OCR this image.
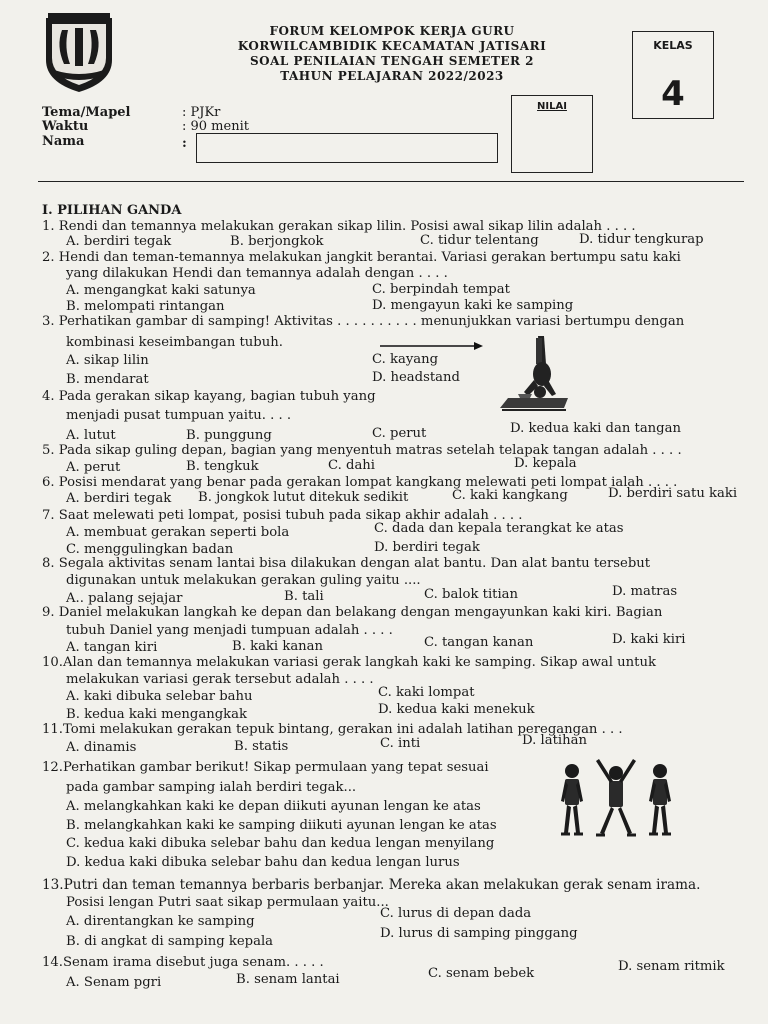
FORUM KELOMPOK KERJA GURU
KORWILCAMBIDIK KECAMATAN JATISARI
SOAL PENILAIAN TENGAH SEMETER 2
TAHUN PELAJARAN 2022/2023
KELAS
4
NILAI
Tema/Mapel
Waktu
Nama
: PJKr
: 90 menit
:
I. PILIHAN GANDA
1. Rendi dan temannya melakukan gerakan sikap lilin. Posisi awal sikap lilin adalah . . . .
A. berdiri tegak	B. berjongkok	C. tidur telentang	D. tidur tengkurap
2. Hendi dan teman-temannya melakukan jangkit berantai. Variasi gerakan bertumpu satu kaki
yang dilakukan Hendi dan temannya adalah dengan . . . .
A. mengangkat kaki satunya	C. berpindah tempat
B. melompati rintangan	D. mengayun kaki ke samping
3. Perhatikan gambar di samping! Aktivitas . . . . . . . . . . menunjukkan variasi bertumpu dengan
kombinasi keseimbangan tubuh.
A. sikap lilin	C. kayang
B. mendarat	D. headstand
4. Pada gerakan sikap kayang, bagian tubuh yang
menjadi pusat tumpuan yaitu. . . .
A. lutut	B. punggung	C. perut	D. kedua kaki dan tangan
5. Pada sikap guling depan, bagian yang menyentuh matras setelah telapak tangan adalah . . . .
A. perut	B. tengkuk	C. dahi	D. kepala
6. Posisi mendarat yang benar pada gerakan lompat kangkang melewati peti lompat ialah . . . .
A. berdiri tegak B. jongkok lutut ditekuk sedikit	C. kaki kangkang	D. berdiri satu kaki
7. Saat melewati peti lompat, posisi tubuh pada sikap akhir adalah . . . .
A. membuat gerakan seperti bola	C. dada dan kepala terangkat ke atas
C. menggulingkan badan	D. berdiri tegak
8. Segala aktivitas senam lantai bisa dilakukan dengan alat bantu. Dan alat bantu tersebut
digunakan untuk melakukan gerakan guling yaitu ....
A.. palang sejajar	B. tali	C. balok titian	D. matras
9. Daniel melakukan langkah ke depan dan belakang dengan mengayunkan kaki kiri. Bagian
tubuh Daniel yang menjadi tumpuan adalah . . . .
A. tangan kiri	B. kaki kanan	C. tangan kanan	D. kaki kiri
10.Alan dan temannya melakukan variasi gerak langkah kaki ke samping. Sikap awal untuk
melakukan variasi gerak tersebut adalah . . . .
A. kaki dibuka selebar bahu	C. kaki lompat
B. kedua kaki mengangkak	D. kedua kaki menekuk
11.Tomi melakukan gerakan tepuk bintang, gerakan ini adalah latihan peregangan . . .
A. dinamis	B. statis	C. inti	D. latihan
12.Perhatikan gambar berikut! Sikap permulaan yang tepat sesuai
pada gambar samping ialah berdiri tegak...
A. melangkahkan kaki ke depan diikuti ayunan lengan ke atas
B. melangkahkan kaki ke samping diikuti ayunan lengan ke atas
C. kedua kaki dibuka selebar bahu dan kedua lengan menyilang
D. kedua kaki dibuka selebar bahu dan kedua lengan lurus
13.Putri dan teman temannya berbaris berbanjar. Mereka akan melakukan gerak senam irama.
Posisi lengan Putri saat sikap permulaan yaitu...
A. direntangkan ke samping
C. lurus di depan dada
B. di angkat di samping kepala
D. lurus di samping pinggang
14.Senam irama disebut juga senam. . . . .
A. Senam pgri	B. senam lantai	C. senam bebek	D. senam ritmik
